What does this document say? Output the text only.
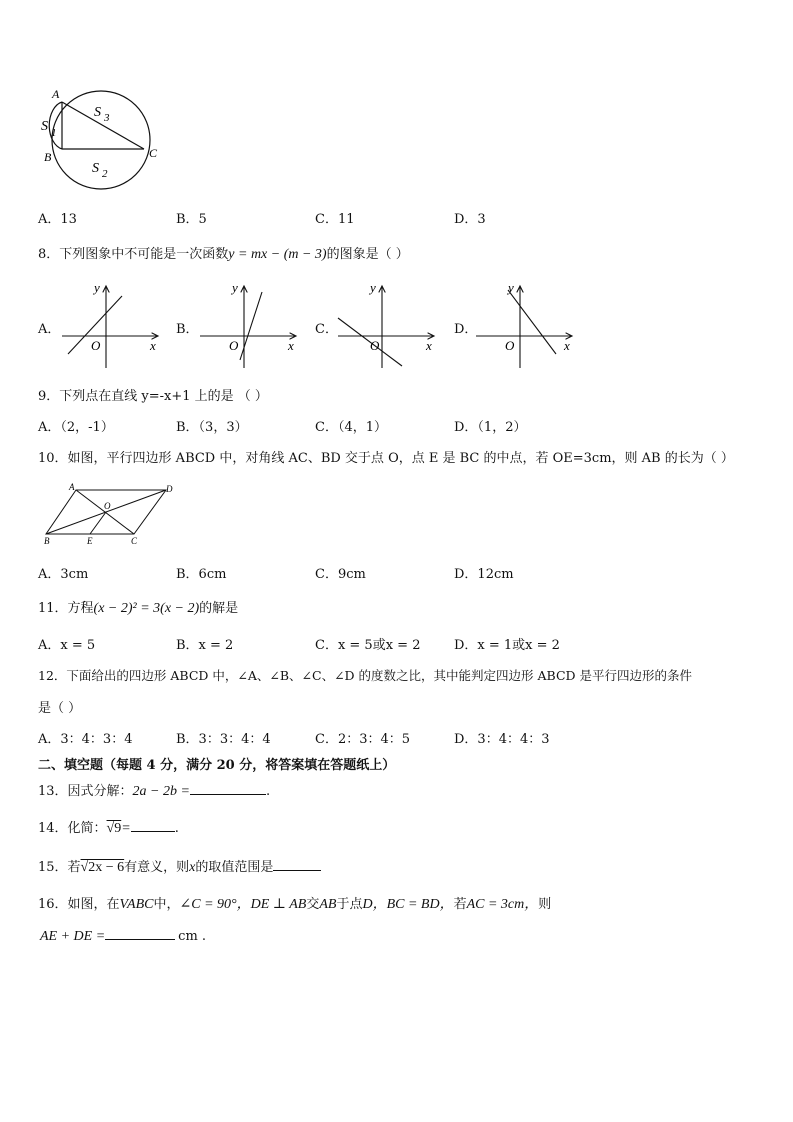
A
B	C
S 1
S 3
S 2
A．13	B．5	C．11	D．3
8．下列图象中不可能是一次函数y = mx − (m − 3)的图象是（ ）
A．	B．	C．	D．
y
x
O
y
x
O
y
x
O
y
x
O
9．下列点在直线 y=-x+1 上的是 （ ）
A．（2，-1）	B．（3，3）	C．（4，1）	D．（1，2）
10．如图，平行四边形 ABCD 中，对角线 AC、BD 交于点 O，点 E 是 BC 的中点，若 OE=3cm，则 AB 的长为（ ）
A	D
O
B	E	C
A．3cm	B．6cm	C．9cm	D．12cm
11．方程(x − 2)² = 3(x − 2)的解是
A．x = 5	B．x = 2	C．x = 5或x = 2	D．x = 1或x = 2
12．下面给出的四边形 ABCD 中，∠A、∠B、∠C、∠D 的度数之比，其中能判定四边形 ABCD 是平行四边形的条件
是（ ）
A．3：4：3：4	B．3：3：4：4	C．2：3：4：5	D．3：4：4：3
二、填空题（每题 4 分，满分 20 分，将答案填在答题纸上）
13．因式分解：2a − 2b =	.
14．化简：√9=	.
15．若√2x − 6有意义，则x的取值范围是
16．如图，在VABC中，∠C = 90°，DE ⊥ AB交AB于点D，BC = BD，若AC = 3cm，则
AE + DE =	cm .
